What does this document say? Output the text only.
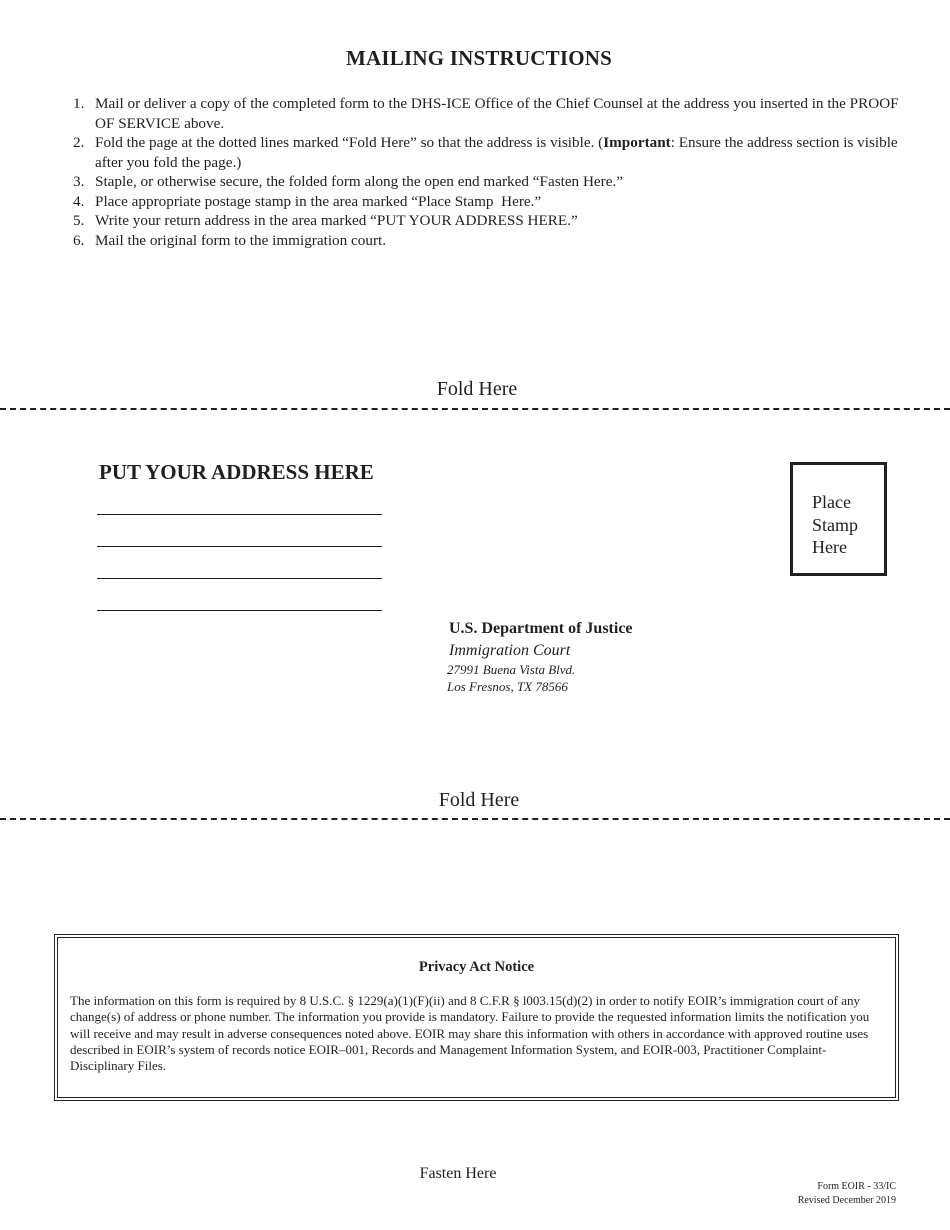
MAILING INSTRUCTIONS
1. Mail or deliver a copy of the completed form to the DHS-ICE Office of the Chief Counsel at the address you inserted in the PROOF OF SERVICE above.
2. Fold the page at the dotted lines marked “Fold Here” so that the address is visible. (Important: Ensure the address section is visible after you fold the page.)
3. Staple, or otherwise secure, the folded form along the open end marked “Fasten Here.”
4. Place appropriate postage stamp in the area marked “Place Stamp  Here.”
5. Write your return address in the area marked “PUT YOUR ADDRESS HERE.”
6. Mail the original form to the immigration court.
Fold Here
PUT YOUR ADDRESS HERE
Place
Stamp
Here
U.S. Department of Justice
Immigration Court
27991 Buena Vista Blvd.
Los Fresnos, TX 78566
Fold Here
Privacy Act Notice
The information on this form is required by 8 U.S.C. § 1229(a)(1)(F)(ii) and 8 C.F.R § l003.15(d)(2) in order to notify EOIR’s immigration court of any change(s) of address or phone number. The information you provide is mandatory. Failure to provide the requested information limits the notification you will receive and may result in adverse consequences noted above. EOIR may share this information with others in accordance with approved routine uses described in EOIR’s system of records notice EOIR–001, Records and Management Information System, and EOIR-003, Practitioner Complaint-Disciplinary Files.
Fasten Here
Form EOIR - 33/IC
Revised December 2019
